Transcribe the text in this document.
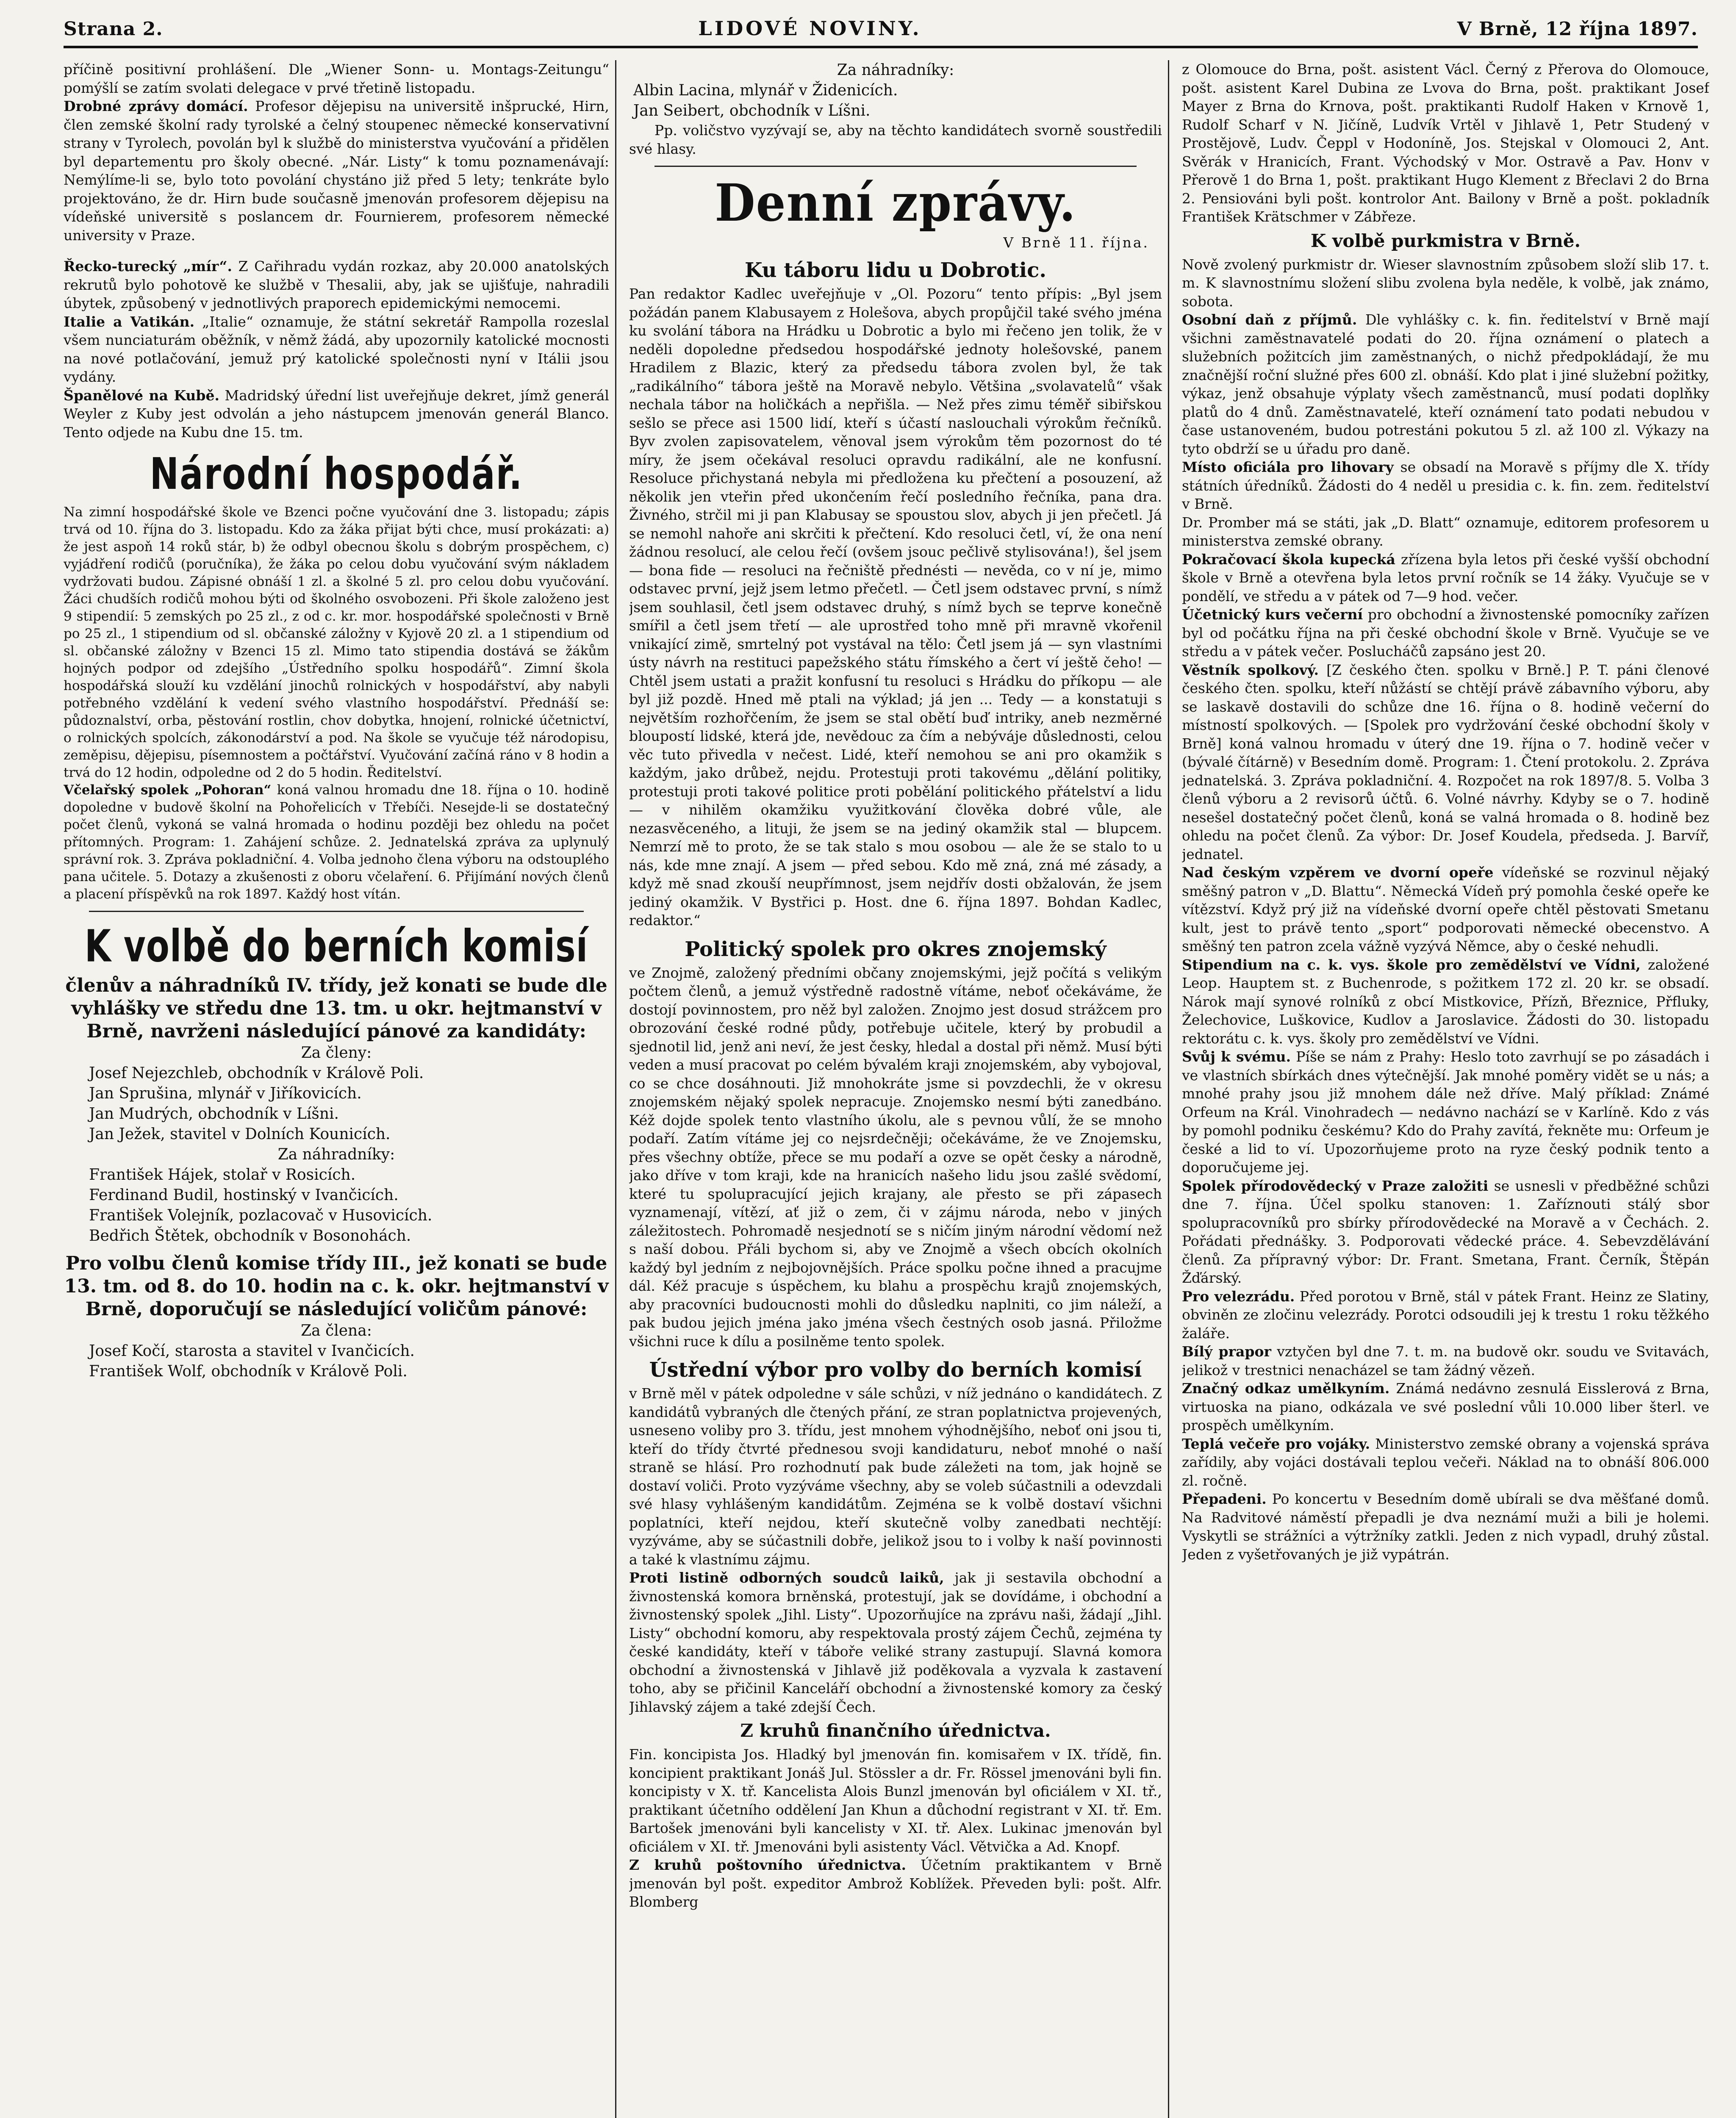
Strana 2.	LIDOVÉ NOVINY.	V Brně, 12 října 1897.

příčině positivní prohlášení. Dle „Wiener Sonn- u. Montags-Zeitungu“ pomýšlí se zatím svolati delegace v prvé třetině listopadu.

Drobné zprávy domácí. Profesor dějepisu na universitě inšprucké, Hirn, člen zemské školní rady tyrolské a čelný stoupenec německé konservativní strany v Tyrolech, povolán byl k službě do ministerstva vyučování a přidělen byl departementu pro školy obecné. „Nár. Listy“ k tomu poznamenávají: Nemýlíme-li se, bylo toto povolání chystáno již před 5 lety; tenkráte bylo projektováno, že dr. Hirn bude současně jmenován profesorem dějepisu na vídeňské universitě s poslancem dr. Fournierem, profesorem německé university v Praze.

Řecko-turecký „mír“. Z Cařihradu vydán rozkaz, aby 20.000 anatolských rekrutů bylo pohotově ke službě v Thesalii, aby, jak se ujišťuje, nahradili úbytek, způsobený v jednotlivých praporech epidemickými nemocemi.

Italie a Vatikán. „Italie“ oznamuje, že státní sekretář Rampolla rozeslal všem nunciaturám oběžník, v němž žádá, aby upozornily katolické mocnosti na nové potlačování, jemuž prý katolické společnosti nyní v Itálii jsou vydány.

Španělové na Kubě. Madridský úřední list uveřejňuje dekret, jímž generál Weyler z Kuby jest odvolán a jeho nástupcem jmenován generál Blanco. Tento odjede na Kubu dne 15. tm.

Národní hospodář.

Na zimní hospodářské škole ve Bzenci počne vyučování dne 3. listopadu; zápis trvá od 10. října do 3. listopadu. Kdo za žáka přijat býti chce, musí prokázati: a) že jest aspoň 14 roků stár, b) že odbyl obecnou školu s dobrým prospěchem, c) vyjádření rodičů (poručníka), že žáka po celou dobu vyučování svým nákladem vydržovati budou. Zápisné obnáší 1 zl. a školné 5 zl. pro celou dobu vyučování. Žáci chudších rodičů mohou býti od školného osvobozeni. Při škole založeno jest 9 stipendií: 5 zemských po 25 zl., z od c. kr. mor. hospodářské společnosti v Brně po 25 zl., 1 stipendium od sl. občanské záložny v Kyjově 20 zl. a 1 stipendium od sl. občanské záložny v Bzenci 15 zl. Mimo tato stipendia dostává se žákům hojných podpor od zdejšího „Ústředního spolku hospodářů“. Zimní škola hospodářská slouží ku vzdělání jinochů rolnických v hospodářství, aby nabyli potřebného vzdělání k vedení svého vlastního hospodářství. Přednáší se: půdoznalství, orba, pěstování rostlin, chov dobytka, hnojení, rolnické účetnictví, o rolnických spolcích, zákonodárství a pod. Na škole se vyučuje též národopisu, zeměpisu, dějepisu, písemnostem a počtářství. Vyučování začíná ráno v 8 hodin a trvá do 12 hodin, odpoledne od 2 do 5 hodin. Ředitelství.

Včelařský spolek „Pohoran“ koná valnou hromadu dne 18. října o 10. hodině dopoledne v budově školní na Pohořelicích v Třebíči. Nesejde-li se dostatečný počet členů, vykoná se valná hromada o hodinu později bez ohledu na počet přítomných. Program: 1. Zahájení schůze. 2. Jednatelská zpráva za uplynulý správní rok. 3. Zpráva pokladniční. 4. Volba jednoho člena výboru na odstouplého pana učitele. 5. Dotazy a zkušenosti z oboru včelaření. 6. Přijímání nových členů a placení příspěvků na rok 1897. Každý host vítán.

K volbě do berních komisí

členův a náhradníků IV. třídy, jež konati se bude dle vyhlášky ve středu dne 13. tm. u okr. hejtmanství v Brně, navrženi následující pánové za kandidáty:

Za členy:

Josef Nejezchleb, obchodník v Králově Poli.
Jan Sprušina, mlynář v Jiříkovicích.
Jan Mudrých, obchodník v Líšni.
Jan Ježek, stavitel v Dolních Kounicích.

Za náhradníky:

František Hájek, stolař v Rosicích.
Ferdinand Budil, hostinský v Ivančicích.
František Volejník, pozlacovač v Husovicích.
Bedřich Štětek, obchodník v Bosonohách.

Pro volbu členů komise třídy III., jež konati se bude 13. tm. od 8. do 10. hodin na c. k. okr. hejtmanství v Brně, doporučují se následující voličům pánové:

Za člena:

Josef Kočí, starosta a stavitel v Ivančicích.
František Wolf, obchodník v Králově Poli.

Za náhradníky:

Albin Lacina, mlynář v Židenicích.
Jan Seibert, obchodník v Líšni.

Pp. voličstvo vyzývají se, aby na těchto kandidátech svorně soustředili své hlasy.

Denní zprávy.

V Brně 11. října.

Ku táboru lidu u Dobrotic.

Pan redaktor Kadlec uveřejňuje v „Ol. Pozoru“ tento přípis: „Byl jsem požádán panem Klabusayem z Holešova, abych propůjčil také svého jména ku svolání tábora na Hrádku u Dobrotic a bylo mi řečeno jen tolik, že v neděli dopoledne předsedou hospodářské jednoty holešovské, panem Hradilem z Blazic, který za předsedu tábora zvolen byl, že tak „radikálního“ tábora ještě na Moravě nebylo. Většina „svolavatelů“ však nechala tábor na holičkách a nepřišla. — Než přes zimu téměř sibiřskou sešlo se přece asi 1500 lidí, kteří s účastí naslouchali výrokům řečníků. Byv zvolen zapisovatelem, věnoval jsem výrokům těm pozornost do té míry, že jsem očekával resoluci opravdu radikální, ale ne konfusní. Resoluce přichystaná nebyla mi předložena ku přečtení a posouzení, až několik jen vteřin před ukončením řečí posledního řečníka, pana dra. Živného, strčil mi ji pan Klabusay se spoustou slov, abych ji jen přečetl. Já se nemohl nahoře ani skrčiti k přečtení. Kdo resoluci četl, ví, že ona není žádnou resolucí, ale celou řečí (ovšem jsouc pečlivě stylisována!), šel jsem — bona fide — resoluci na řečniště přednésti — nevěda, co v ní je, mimo odstavec první, jejž jsem letmo přečetl. — Četl jsem odstavec první, s nímž jsem souhlasil, četl jsem odstavec druhý, s nímž bych se teprve konečně smířil a četl jsem třetí — ale uprostřed toho mně při mravně vkořenil vnikající zimě, smrtelný pot vystával na tělo: Četl jsem já — syn vlastními ústy návrh na restituci papežského státu římského a čert ví ještě čeho! — Chtěl jsem ustati a pražit konfusní tu resoluci s Hrádku do příkopu — ale byl již pozdě. Hned mě ptali na výklad; já jen ... Tedy — a konstatuji s největším rozhořčením, že jsem se stal obětí buď intriky, aneb nezměrné bloupostí lidské, která jde, nevědouc za čím a nebýváje důslednosti, celou věc tuto přivedla v nečest. Lidé, kteří nemohou se ani pro okamžik s každým, jako drůbež, nejdu. Protestuji proti takovému „dělání politiky, protestuji proti takové politice proti pobělání politického přátelství a lidu — v nihilěm okamžiku využitkování člověka dobré vůle, ale nezasvěceného, a lituji, že jsem se na jediný okamžik stal — blupcem. Nemrzí mě to proto, že se tak stalo s mou osobou — ale že se stalo to u nás, kde mne znají. A jsem — před sebou. Kdo mě zná, zná mé zásady, a když mě snad zkouší neupřímnost, jsem nejdřív dosti obžalován, že jsem jediný okamžik. V Bystřici p. Host. dne 6. října 1897. Bohdan Kadlec, redaktor.“

Politický spolek pro okres znojemský

ve Znojmě, založený předními občany znojemskými, jejž počítá s velikým počtem členů, a jemuž výstředně radostně vítáme, neboť očekáváme, že dostojí povinnostem, pro něž byl založen. Znojmo jest dosud strážcem pro obrozování české rodné půdy, potřebuje učitele, který by probudil a sjednotil lid, jenž ani neví, že jest česky, hledal a dostal při němž. Musí býti veden a musí pracovat po celém bývalém kraji znojemském, aby vybojoval, co se chce dosáhnouti. Již mnohokráte jsme si povzdechli, že v okresu znojemském nějaký spolek nepracuje. Znojemsko nesmí býti zanedbáno. Kéž dojde spolek tento vlastního úkolu, ale s pevnou vůlí, že se mnoho podaří. Zatím vítáme jej co nejsrdečněji; očekáváme, že ve Znojemsku, přes všechny obtíže, přece se mu podaří a ozve se opět česky a národně, jako dříve v tom kraji, kde na hranicích našeho lidu jsou zašlé svědomí, které tu spolupracující jejich krajany, ale přesto se při zápasech vyznamenají, vítězí, ať již o zem, či v zájmu národa, nebo v jiných záležitostech. Pohromadě nesjednotí se s ničím jiným národní vědomí než s naší dobou. Přáli bychom si, aby ve Znojmě a všech obcích okolních každý byl jedním z nejbojovnějších. Práce spolku počne ihned a pracujme dál. Kéž pracuje s úspěchem, ku blahu a prospěchu krajů znojemských, aby pracovníci budoucnosti mohli do důsledku naplniti, co jim náleží, a pak budou jejich jména jako jména všech čestných osob jasná. Přiložme všichni ruce k dílu a posilněme tento spolek.

Ústřední výbor pro volby do berních komisí

v Brně měl v pátek odpoledne v sále schůzi, v níž jednáno o kandidátech. Z kandidátů vybraných dle čtených přání, ze stran poplatnictva projevených, usneseno voliby pro 3. třídu, jest mnohem výhodnějšího, neboť oni jsou ti, kteří do třídy čtvrté přednesou svoji kandidaturu, neboť mnohé o naší straně se hlásí. Pro rozhodnutí pak bude záležeti na tom, jak hojně se dostaví voliči. Proto vyzýváme všechny, aby se voleb súčastnili a odevzdali své hlasy vyhlášeným kandidátům. Zejména se k volbě dostaví všichni poplatníci, kteří nejdou, kteří skutečně volby zanedbati nechtějí: vyzýváme, aby se súčastnili dobře, jelikož jsou to i volby k naší povinnosti a také k vlastnímu zájmu.

Proti listině odborných soudců laiků, jak ji sestavila obchodní a živnostenská komora brněnská, protestují, jak se dovídáme, i obchodní a živnostenský spolek „Jihl. Listy“. Upozorňujíce na zprávu naši, žádají „Jihl. Listy“ obchodní komoru, aby respektovala prostý zájem Čechů, zejména ty české kandidáty, kteří v táboře veliké strany zastupují. Slavná komora obchodní a živnostenská v Jihlavě již poděkovala a vyzvala k zastavení toho, aby se přičinil Kanceláří obchodní a živnostenské komory za český Jihlavský zájem a také zdejší Čech.

Z kruhů finančního úřednictva.

Fin. koncipista Jos. Hladký byl jmenován fin. komisařem v IX. třídě, fin. koncipient praktikant Jonáš Jul. Stössler a dr. Fr. Rössel jmenováni byli fin. koncipisty v X. tř. Kancelista Alois Bunzl jmenován byl oficiálem v XI. tř., praktikant účetního oddělení Jan Khun a důchodní registrant v XI. tř. Em. Bartošek jmenováni byli kancelisty v XI. tř. Alex. Lukinac jmenován byl oficiálem v XI. tř. Jmenováni byli asistenty Václ. Větvička a Ad. Knopf.

Z kruhů poštovního úřednictva. Účetním praktikantem v Brně jmenován byl pošt. expeditor Ambrož Koblížek. Převeden byli: pošt. Alfr. Blomberg

z Olomouce do Brna, pošt. asistent Václ. Černý z Přerova do Olomouce, pošt. asistent Karel Dubina ze Lvova do Brna, pošt. praktikant Josef Mayer z Brna do Krnova, pošt. praktikanti Rudolf Haken v Krnově 1, Rudolf Scharf v N. Jičíně, Ludvík Vrtěl v Jihlavě 1, Petr Studený v Prostějově, Ludv. Čeppl v Hodoníně, Jos. Stejskal v Olomouci 2, Ant. Svěrák v Hranicích, Frant. Východský v Mor. Ostravě a Pav. Honv v Přerově 1 do Brna 1, pošt. praktikant Hugo Klement z Břeclavi 2 do Brna 2. Pensiováni byli pošt. kontrolor Ant. Bailony v Brně a pošt. pokladník František Krätschmer v Zábřeze.

K volbě purkmistra v Brně.

Nově zvolený purkmistr dr. Wieser slavnostním způsobem složí slib 17. t. m. K slavnostnímu složení slibu zvolena byla neděle, k volbě, jak známo, sobota.

Osobní daň z příjmů. Dle vyhlášky c. k. fin. ředitelství v Brně mají všichni zaměstnavatelé podati do 20. října oznámení o platech a služebních požitcích jim zaměstnaných, o nichž předpokládají, že mu značnější roční služné přes 600 zl. obnáší. Kdo plat i jiné služební požitky, výkaz, jenž obsahuje výplaty všech zaměstnanců, musí podati doplňky platů do 4 dnů. Zaměstnavatelé, kteří oznámení tato podati nebudou v čase ustanoveném, budou potrestáni pokutou 5 zl. až 100 zl. Výkazy na tyto obdrží se u úřadu pro daně.

Místo oficiála pro lihovary se obsadí na Moravě s příjmy dle X. třídy státních úředníků. Žádosti do 4 neděl u presidia c. k. fin. zem. ředitelství v Brně.

Dr. Promber má se státi, jak „D. Blatt“ oznamuje, editorem profesorem u ministerstva zemské obrany.

Pokračovací škola kupecká zřízena byla letos při české vyšší obchodní škole v Brně a otevřena byla letos první ročník se 14 žáky. Vyučuje se v pondělí, ve středu a v pátek od 7—9 hod. večer.

Účetnický kurs večerní pro obchodní a živnostenské pomocníky zařízen byl od počátku října na při české obchodní škole v Brně. Vyučuje se ve středu a v pátek večer. Poslucháčů zapsáno jest 20.

Věstník spolkový. [Z českého čten. spolku v Brně.] P. T. páni členové českého čten. spolku, kteří nůžástí se chtějí právě zábavního výboru, aby se laskavě dostavili do schůze dne 16. října o 8. hodině večerní do místností spolkových. — [Spolek pro vydržování české obchodní školy v Brně] koná valnou hromadu v úterý dne 19. října o 7. hodině večer v (bývalé čítárně) v Besedním domě. Program: 1. Čtení protokolu. 2. Zpráva jednatelská. 3. Zpráva pokladniční. 4. Rozpočet na rok 1897/8. 5. Volba 3 členů výboru a 2 revisorů účtů. 6. Volné návrhy. Kdyby se o 7. hodině nesešel dostatečný počet členů, koná se valná hromada o 8. hodině bez ohledu na počet členů. Za výbor: Dr. Josef Koudela, předseda. J. Barvíř, jednatel.

Nad českým vzpěrem ve dvorní opeře vídeňské se rozvinul nějaký směšný patron v „D. Blattu“. Německá Vídeň prý pomohla české opeře ke vítězství. Když prý již na vídeňské dvorní opeře chtěl pěstovati Smetanu kult, jest to právě tento „sport“ podporovati německé obecenstvo. A směšný ten patron zcela vážně vyzývá Němce, aby o české nehudli.

Stipendium na c. k. vys. škole pro zemědělství ve Vídni, založené Leop. Hauptem st. z Buchenrode, s požitkem 172 zl. 20 kr. se obsadí. Nárok mají synové rolníků z obcí Mistkovice, Přízň, Březnice, Přfluky, Želechovice, Luškovice, Kudlov a Jaroslavice. Žádosti do 30. listopadu rektorátu c. k. vys. školy pro zemědělství ve Vídni.

Svůj k svému. Píše se nám z Prahy: Heslo toto zavrhují se po zásadách i ve vlastních sbírkách dnes výtečnější. Jak mnohé poměry vidět se u nás; a mnohé prahy jsou již mnohem dále než dříve. Malý příklad: Známé Orfeum na Král. Vinohradech — nedávno nachází se v Karlíně. Kdo z vás by pomohl podniku českému? Kdo do Prahy zavítá, řekněte mu: Orfeum je české a lid to ví. Upozorňujeme proto na ryze český podnik tento a doporučujeme jej.

Spolek přírodovědecký v Praze založiti se usnesli v předběžné schůzi dne 7. října. Účel spolku stanoven: 1. Zaříznouti stálý sbor spolupracovníků pro sbírky přírodovědecké na Moravě a v Čechách. 2. Pořádati přednášky. 3. Podporovati vědecké práce. 4. Sebevzdělávání členů. Za přípravný výbor: Dr. Frant. Smetana, Frant. Černík, Štěpán Žďárský.

Pro velezrádu. Před porotou v Brně, stál v pátek Frant. Heinz ze Slatiny, obviněn ze zločinu velezrády. Porotci odsoudili jej k trestu 1 roku těžkého žaláře.

Bílý prapor vztyčen byl dne 7. t. m. na budově okr. soudu ve Svitavách, jelikož v trestnici nenacházel se tam žádný vězeň.

Značný odkaz umělkyním. Známá nedávno zesnulá Eisslerová z Brna, virtuoska na piano, odkázala ve své poslední vůli 10.000 liber šterl. ve prospěch umělkyním.

Teplá večeře pro vojáky. Ministerstvo zemské obrany a vojenská správa zařídily, aby vojáci dostávali teplou večeři. Náklad na to obnáší 806.000 zl. ročně.

Přepadeni. Po koncertu v Besedním domě ubírali se dva měšťané domů. Na Radvitové náměstí přepadli je dva neznámí muži a bili je holemi. Vyskytli se strážníci a výtržníky zatkli. Jeden z nich vypadl, druhý zůstal. Jeden z vyšetřovaných je již vypátrán.
